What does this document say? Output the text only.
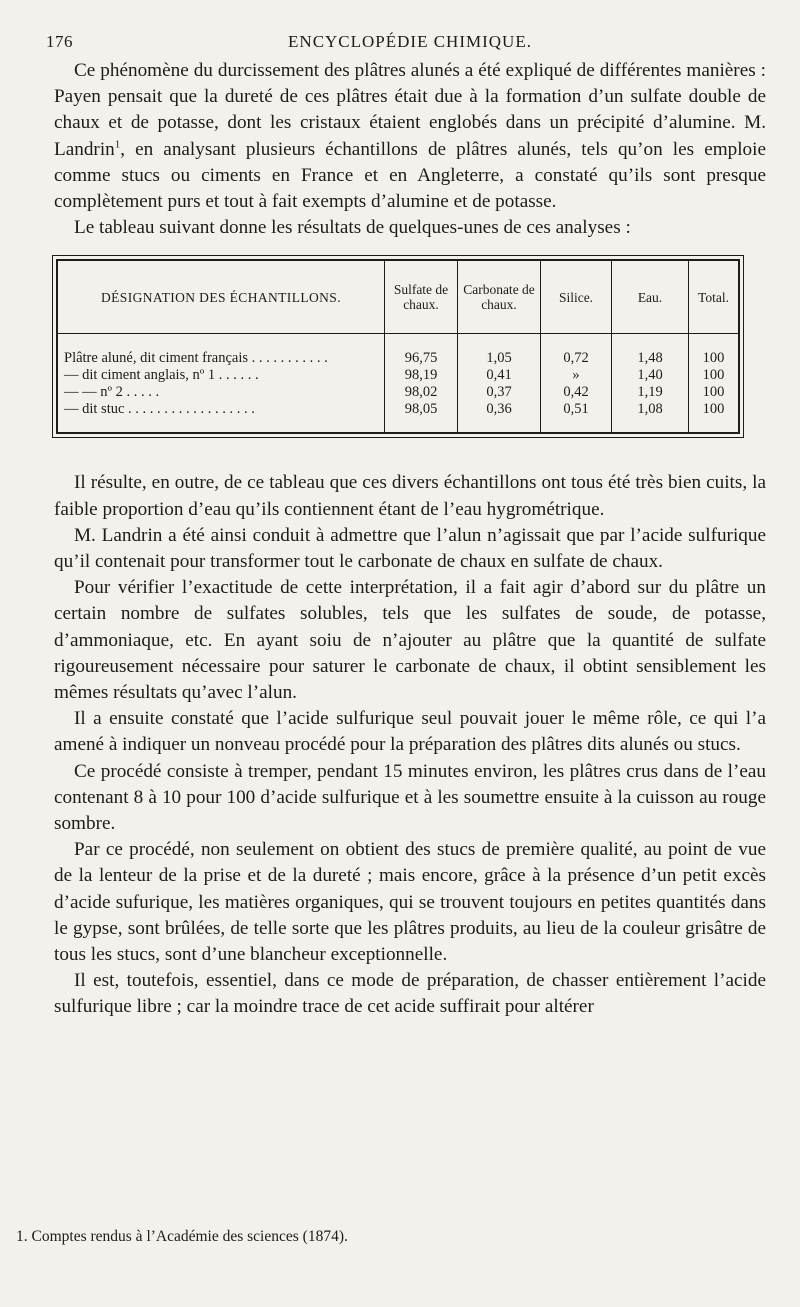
176	ENCYCLOPÉDIE CHIMIQUE.

Ce phénomène du durcissement des plâtres alunés a été expliqué de différentes manières : Payen pensait que la dureté de ces plâtres était due à la formation d’un sulfate double de chaux et de potasse, dont les cristaux étaient englobés dans un précipité d’alumine. M. Landrin$^1$, en analysant plusieurs échantillons de plâtres alunés, tels qu’on les emploie comme stucs ou ciments en France et en Angleterre, a constaté qu’ils sont presque complètement purs et tout à fait exempts d’alumine et de potasse.

Le tableau suivant donne les résultats de quelques-unes de ces analyses :

DÉSIGNATION DES ÉCHANTILLONS.	Sulfate de chaux.	Carbonate de chaux.	Silice.	Eau.	Total.

Plâtre aluné, dit ciment français . . . . . . . . . . .	96,75	1,05	0,72	1,48	100
— dit ciment anglais, nº 1 . . . . . .	98,19	0,41	»	1,40	100
— — nº 2 . . . . .	98,02	0,37	0,42	1,19	100
— dit stuc . . . . . . . . . . . . . . . . . .	98,05	0,36	0,51	1,08	100

Il résulte, en outre, de ce tableau que ces divers échantillons ont tous été très bien cuits, la faible proportion d’eau qu’ils contiennent étant de l’eau hygrométrique.

M. Landrin a été ainsi conduit à admettre que l’alun n’agissait que par l’acide sulfurique qu’il contenait pour transformer tout le carbonate de chaux en sulfate de chaux.

Pour vérifier l’exactitude de cette interprétation, il a fait agir d’abord sur du plâtre un certain nombre de sulfates solubles, tels que les sulfates de soude, de potasse, d’ammoniaque, etc. En ayant soiu de n’ajouter au plâtre que la quantité de sulfate rigoureusement nécessaire pour saturer le carbonate de chaux, il obtint sensiblement les mêmes résultats qu’avec l’alun.

Il a ensuite constaté que l’acide sulfurique seul pouvait jouer le même rôle, ce qui l’a amené à indiquer un nonveau procédé pour la préparation des plâtres dits alunés ou stucs.

Ce procédé consiste à tremper, pendant 15 minutes environ, les plâtres crus dans de l’eau contenant 8 à 10 pour 100 d’acide sulfurique et à les soumettre ensuite à la cuisson au rouge sombre.

Par ce procédé, non seulement on obtient des stucs de première qualité, au point de vue de la lenteur de la prise et de la dureté ; mais encore, grâce à la présence d’un petit excès d’acide sufurique, les matières organiques, qui se trouvent toujours en petites quantités dans le gypse, sont brûlées, de telle sorte que les plâtres produits, au lieu de la couleur grisâtre de tous les stucs, sont d’une blancheur exceptionnelle.

Il est, toutefois, essentiel, dans ce mode de préparation, de chasser entièrement l’acide sulfurique libre ; car la moindre trace de cet acide suffirait pour altérer

1. Comptes rendus à l’Académie des sciences (1874).
